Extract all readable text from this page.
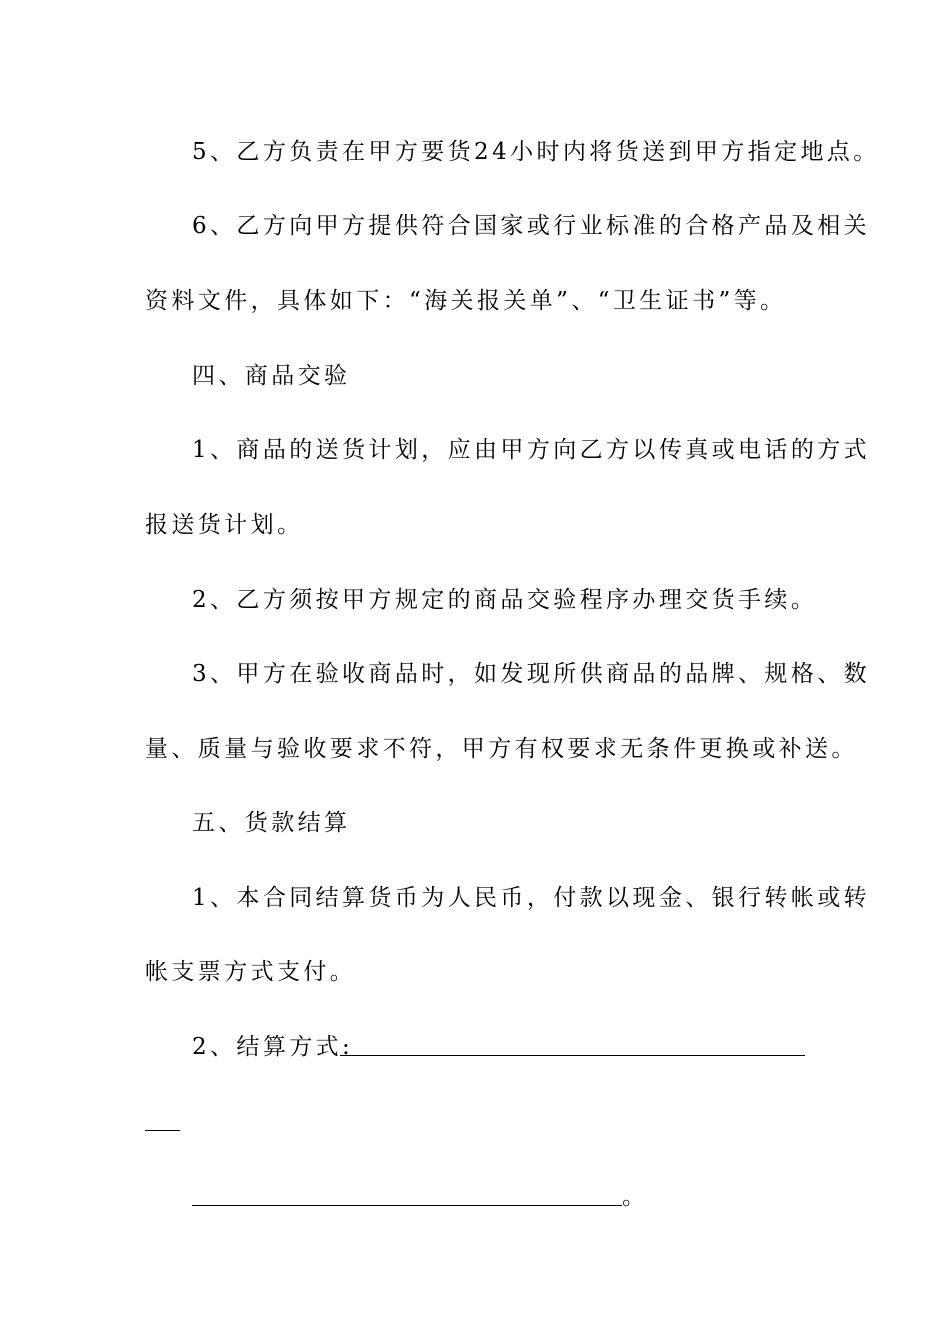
5、乙方负责在甲方要货24小时内将货送到甲方指定地点。
6、乙方向甲方提供符合国家或行业标准的合格产品及相关
资料文件，具体如下：“海关报关单”、“卫生证书”等。
四、商品交验
1、商品的送货计划，应由甲方向乙方以传真或电话的方式
报送货计划。
2、乙方须按甲方规定的商品交验程序办理交货手续。
3、甲方在验收商品时，如发现所供商品的品牌、规格、数
量、质量与验收要求不符，甲方有权要求无条件更换或补送。
五、货款结算
1、本合同结算货币为人民币，付款以现金、银行转帐或转
帐支票方式支付。
2、结算方式:
。
